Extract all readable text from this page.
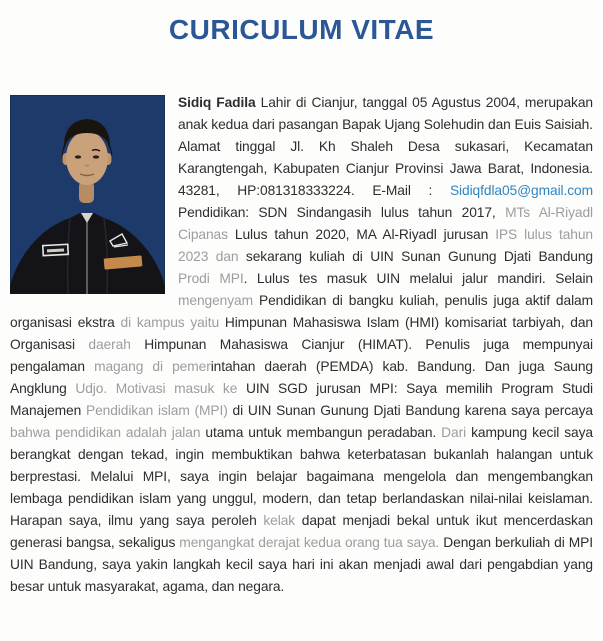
CURICULUM VITAE

Sidiq Fadila Lahir di Cianjur, tanggal 05 Agustus 2004, merupakan anak kedua dari pasangan Bapak Ujang Solehudin dan Euis Saisiah. Alamat tinggal Jl. Kh Shaleh Desa sukasari, Kecamatan Karangtengah, Kabupaten Cianjur Provinsi Jawa Barat, Indonesia. 43281, HP:081318333224. E-Mail : Sidiqfdla05@gmail.com Pendidikan: SDN Sindangasih lulus tahun 2017, MTs Al-Riyadl Cipanas Lulus tahun 2020, MA Al-Riyadl jurusan IPS lulus tahun 2023 dan sekarang kuliah di UIN Sunan Gunung Djati Bandung Prodi MPI. Lulus tes masuk UIN melalui jalur mandiri. Selain mengenyam Pendidikan di bangku kuliah, penulis juga aktif dalam organisasi ekstra di kampus yaitu Himpunan Mahasiswa Islam (HMI) komisariat tarbiyah, dan Organisasi daerah Himpunan Mahasiswa Cianjur (HIMAT). Penulis juga mempunyai pengalaman magang di pemerintahan daerah (PEMDA) kab. Bandung. Dan juga Saung Angklung Udjo. Motivasi masuk ke UIN SGD jurusan MPI: Saya memilih Program Studi Manajemen Pendidikan islam (MPI) di UIN Sunan Gunung Djati Bandung karena saya percaya bahwa pendidikan adalah jalan utama untuk membangun peradaban. Dari kampung kecil saya berangkat dengan tekad, ingin membuktikan bahwa keterbatasan bukanlah halangan untuk berprestasi. Melalui MPI, saya ingin belajar bagaimana mengelola dan mengembangkan lembaga pendidikan islam yang unggul, modern, dan tetap berlandaskan nilai-nilai keislaman. Harapan saya, ilmu yang saya peroleh kelak dapat menjadi bekal untuk ikut mencerdaskan generasi bangsa, sekaligus mengangkat derajat kedua orang tua saya. Dengan berkuliah di MPI UIN Bandung, saya yakin langkah kecil saya hari ini akan menjadi awal dari pengabdian yang besar untuk masyarakat, agama, dan negara.
